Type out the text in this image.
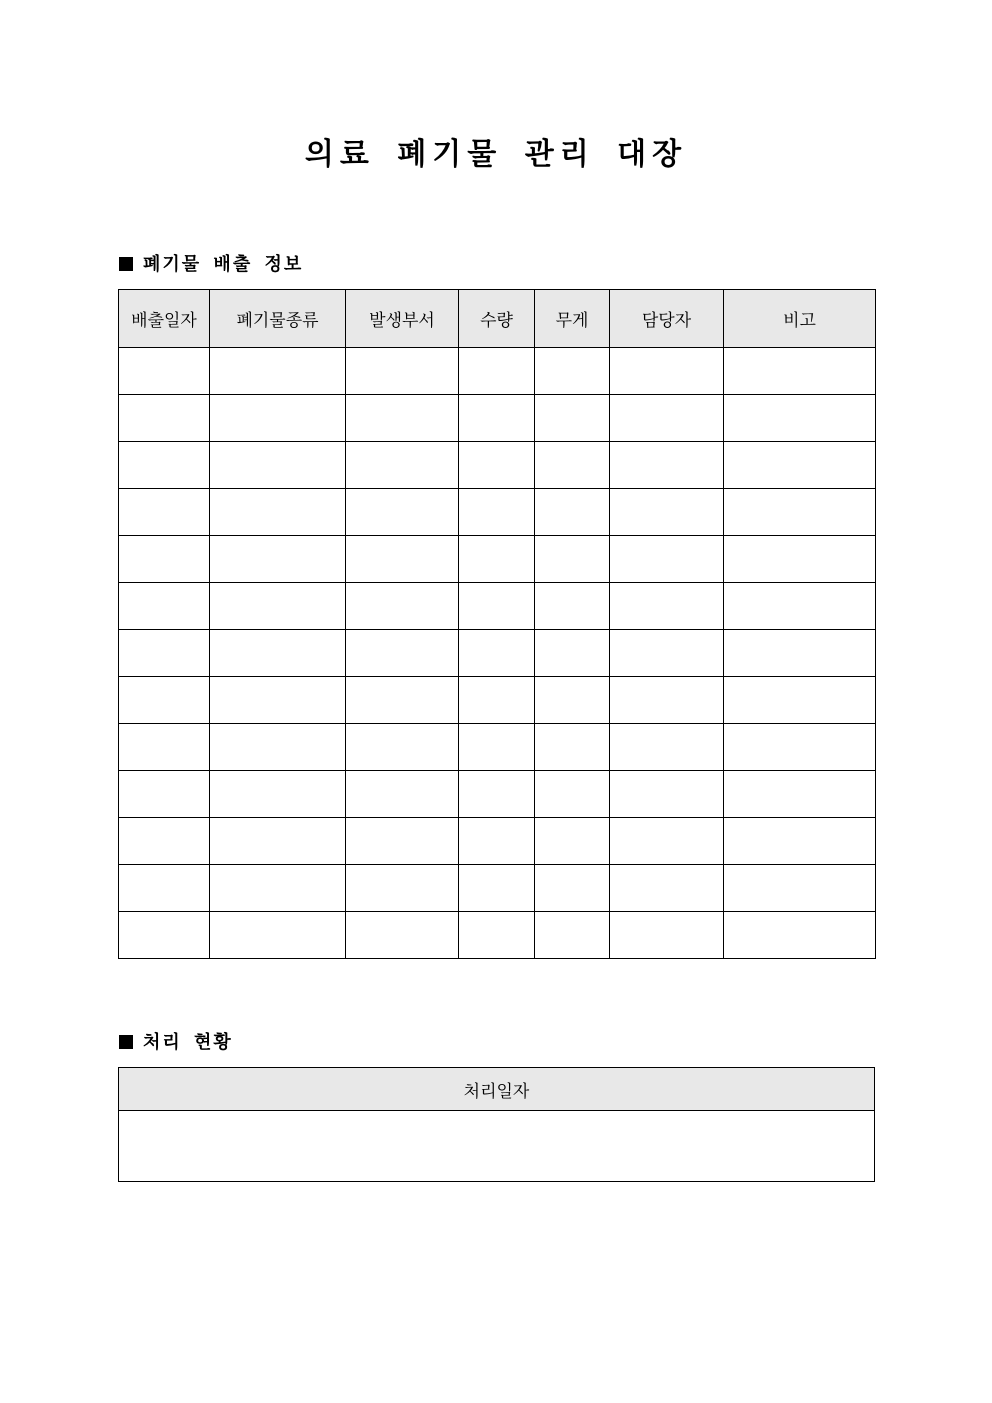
의료 폐기물 관리 대장
폐기물 배출 정보
배출일자	폐기물종류	발생부서	수량	무게	담당자	비고

처리 현황
처리일자
